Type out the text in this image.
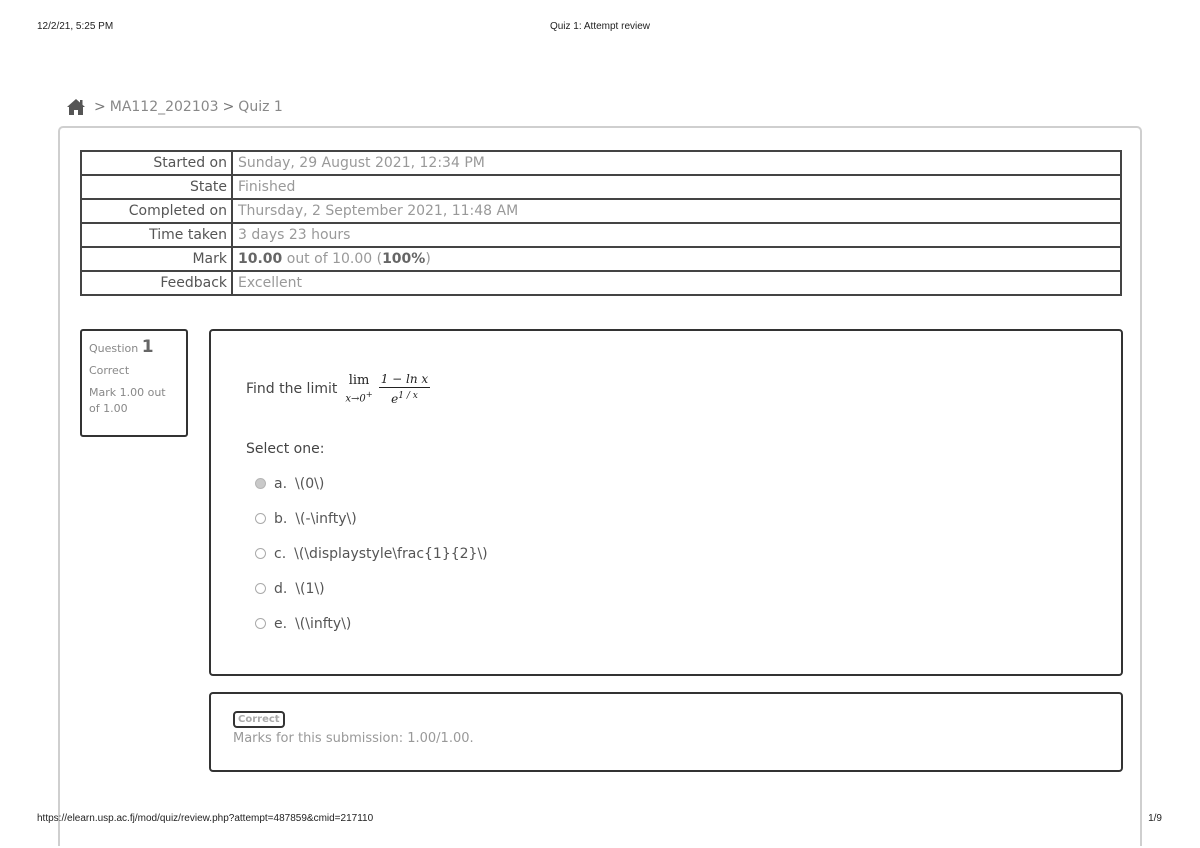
12/2/21, 5:25 PM	Quiz 1: Attempt review
> MA112_202103 > Quiz 1
Started on	Sunday, 29 August 2021, 12:34 PM
State	Finished
Completed on	Thursday, 2 September 2021, 11:48 AM
Time taken	3 days 23 hours
Mark	10.00 out of 10.00 (100%)
Feedback	Excellent
Question 1
Correct
Mark 1.00 out of 1.00
Find the limit
lim
$x\to 0^+ \frac{\text{1 − ln x}}{e^{1 / x}}$
Select one:
a. \(0\)
b. \(-\infty\)
c. \(\displaystyle\frac{1}{2}\)
d. \(1\)
e. \(\infty\)
Correct
Marks for this submission: 1.00/1.00.
https://elearn.usp.ac.fj/mod/quiz/review.php?attempt=487859&cmid=217110	1/9
